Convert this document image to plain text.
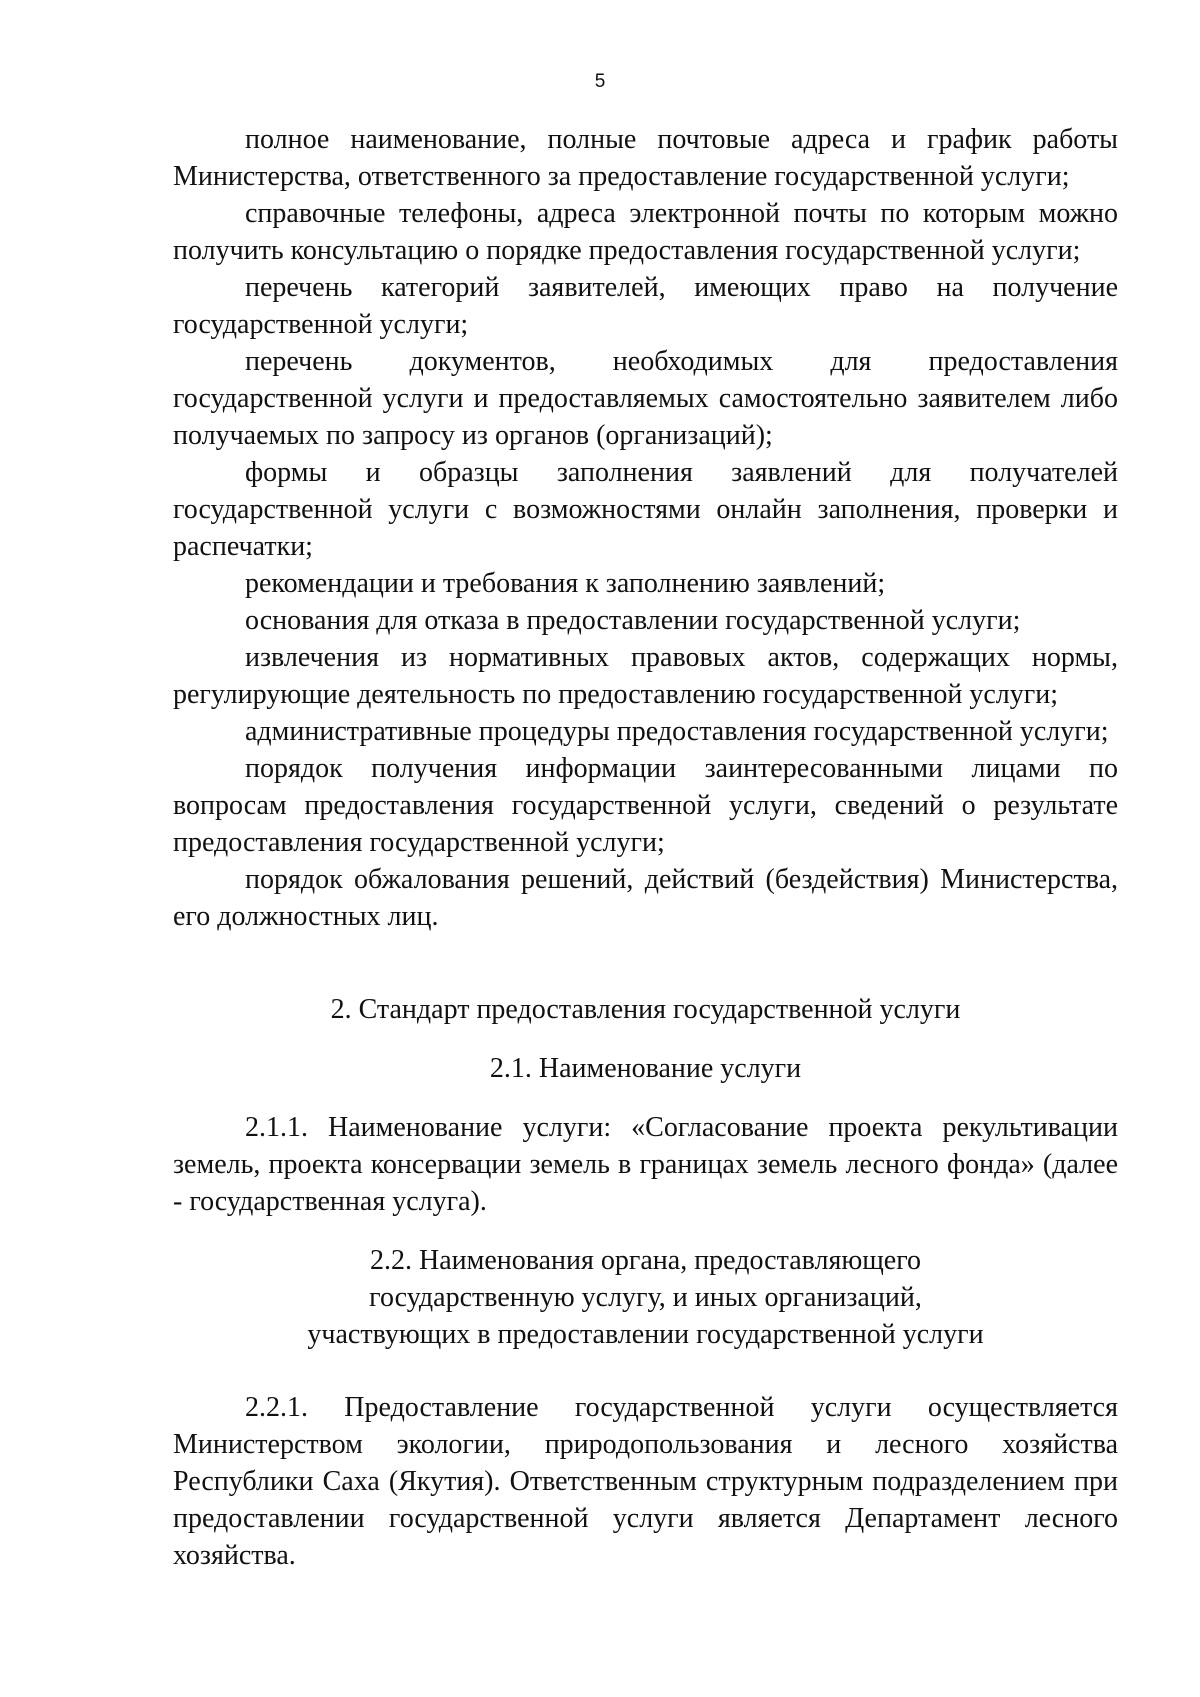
5

полное наименование, полные почтовые адреса и график работы Министерства, ответственного за предоставление государственной услуги;

справочные телефоны, адреса электронной почты по которым можно получить консультацию о порядке предоставления государственной услуги;

перечень категорий заявителей, имеющих право на получение государственной услуги;

перечень документов, необходимых для предоставления государственной услуги и предоставляемых самостоятельно заявителем либо получаемых по запросу из органов (организаций);

формы и образцы заполнения заявлений для получателей государственной услуги с возможностями онлайн заполнения, проверки и распечатки;

рекомендации и требования к заполнению заявлений;

основания для отказа в предоставлении государственной услуги;

извлечения из нормативных правовых актов, содержащих нормы, регулирующие деятельность по предоставлению государственной услуги;

административные процедуры предоставления государственной услуги;

порядок получения информации заинтересованными лицами по вопросам предоставления государственной услуги, сведений о результате предоставления государственной услуги;

порядок обжалования решений, действий (бездействия) Министерства, его должностных лиц.

2. Стандарт предоставления государственной услуги

2.1. Наименование услуги

2.1.1. Наименование услуги: «Согласование проекта рекультивации земель, проекта консервации земель в границах земель лесного фонда» (далее - государственная услуга).

2.2. Наименования органа, предоставляющего
государственную услугу, и иных организаций,
участвующих в предоставлении государственной услуги

2.2.1. Предоставление государственной услуги осуществляется Министерством экологии, природопользования и лесного хозяйства Республики Саха (Якутия). Ответственным структурным подразделением при предоставлении государственной услуги является Департамент лесного хозяйства.
